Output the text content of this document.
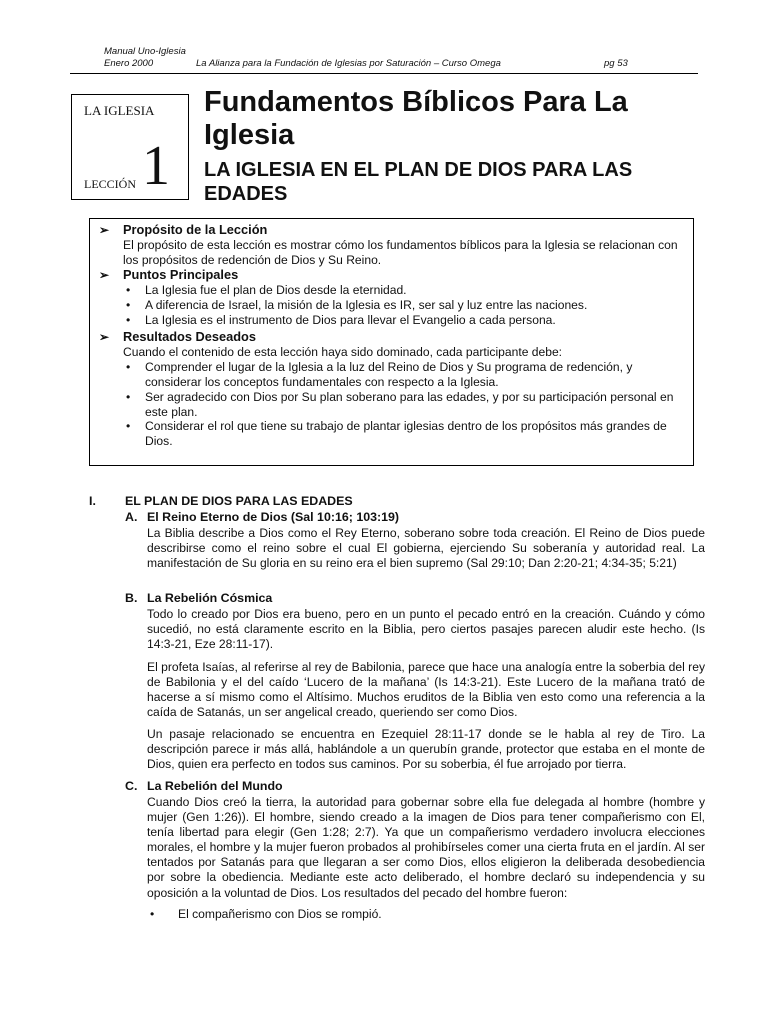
Manual Uno-Iglesia
Enero 2000	La Alianza para la Fundación de Iglesias por Saturación – Curso Omega	pg 53
LA IGLESIA
LECCIÓN 1
Fundamentos Bíblicos Para La Iglesia
LA IGLESIA EN EL PLAN DE DIOS PARA LAS EDADES
➢ Propósito de la Lección

El propósito de esta lección es mostrar cómo los fundamentos bíblicos para la Iglesia se relacionan con los propósitos de redención de Dios y Su Reino.

➢ Puntos Principales
• La Iglesia fue el plan de Dios desde la eternidad.
• A diferencia de Israel, la misión de la Iglesia es IR, ser sal y luz entre las naciones.
• La Iglesia es el instrumento de Dios para llevar el Evangelio a cada persona.
➢ Resultados Deseados

Cuando el contenido de esta lección haya sido dominado, cada participante debe:

• Comprender el lugar de la Iglesia a la luz del Reino de Dios y Su programa de redención, y considerar los conceptos fundamentales con respecto a la Iglesia.
• Ser agradecido con Dios por Su plan soberano para las edades, y por su participación personal en este plan.
• Considerar el rol que tiene su trabajo de plantar iglesias dentro de los propósitos más grandes de Dios.
I. EL PLAN DE DIOS PARA LAS EDADES
A. El Reino Eterno de Dios (Sal 10:16; 103:19)

La Biblia describe a Dios como el Rey Eterno, soberano sobre toda creación. El Reino de Dios puede describirse como el reino sobre el cual El gobierna, ejerciendo Su soberanía y autoridad real. La manifestación de Su gloria en su reino era el bien supremo (Sal 29:10; Dan 2:20-21; 4:34-35; 5:21)

B. La Rebelión Cósmica

Todo lo creado por Dios era bueno, pero en un punto el pecado entró en la creación. Cuándo y cómo sucedió, no está claramente escrito en la Biblia, pero ciertos pasajes parecen aludir este hecho. (Is 14:3-21, Eze 28:11-17).

El profeta Isaías, al referirse al rey de Babilonia, parece que hace una analogía entre la soberbia del rey de Babilonia y el del caído ‘Lucero de la mañana’ (Is 14:3-21). Este Lucero de la mañana trató de hacerse a sí mismo como el Altísimo. Muchos eruditos de la Biblia ven esto como una referencia a la caída de Satanás, un ser angelical creado, queriendo ser como Dios.

Un pasaje relacionado se encuentra en Ezequiel 28:11-17 donde se le habla al rey de Tiro. La descripción parece ir más allá, hablándole a un querubín grande, protector que estaba en el monte de Dios, quien era perfecto en todos sus caminos. Por su soberbia, él fue arrojado por tierra.

C. La Rebelión del Mundo

Cuando Dios creó la tierra, la autoridad para gobernar sobre ella fue delegada al hombre (hombre y mujer (Gen 1:26)). El hombre, siendo creado a la imagen de Dios para tener compañerismo con El, tenía libertad para elegir (Gen 1:28; 2:7). Ya que un compañerismo verdadero involucra elecciones morales, el hombre y la mujer fueron probados al prohibírseles comer una cierta fruta en el jardín. Al ser tentados por Satanás para que llegaran a ser como Dios, ellos eligieron la deliberada desobediencia por sobre la obediencia. Mediante este acto deliberado, el hombre declaró su independencia y su oposición a la voluntad de Dios. Los resultados del pecado del hombre fueron:

• El compañerismo con Dios se rompió.
